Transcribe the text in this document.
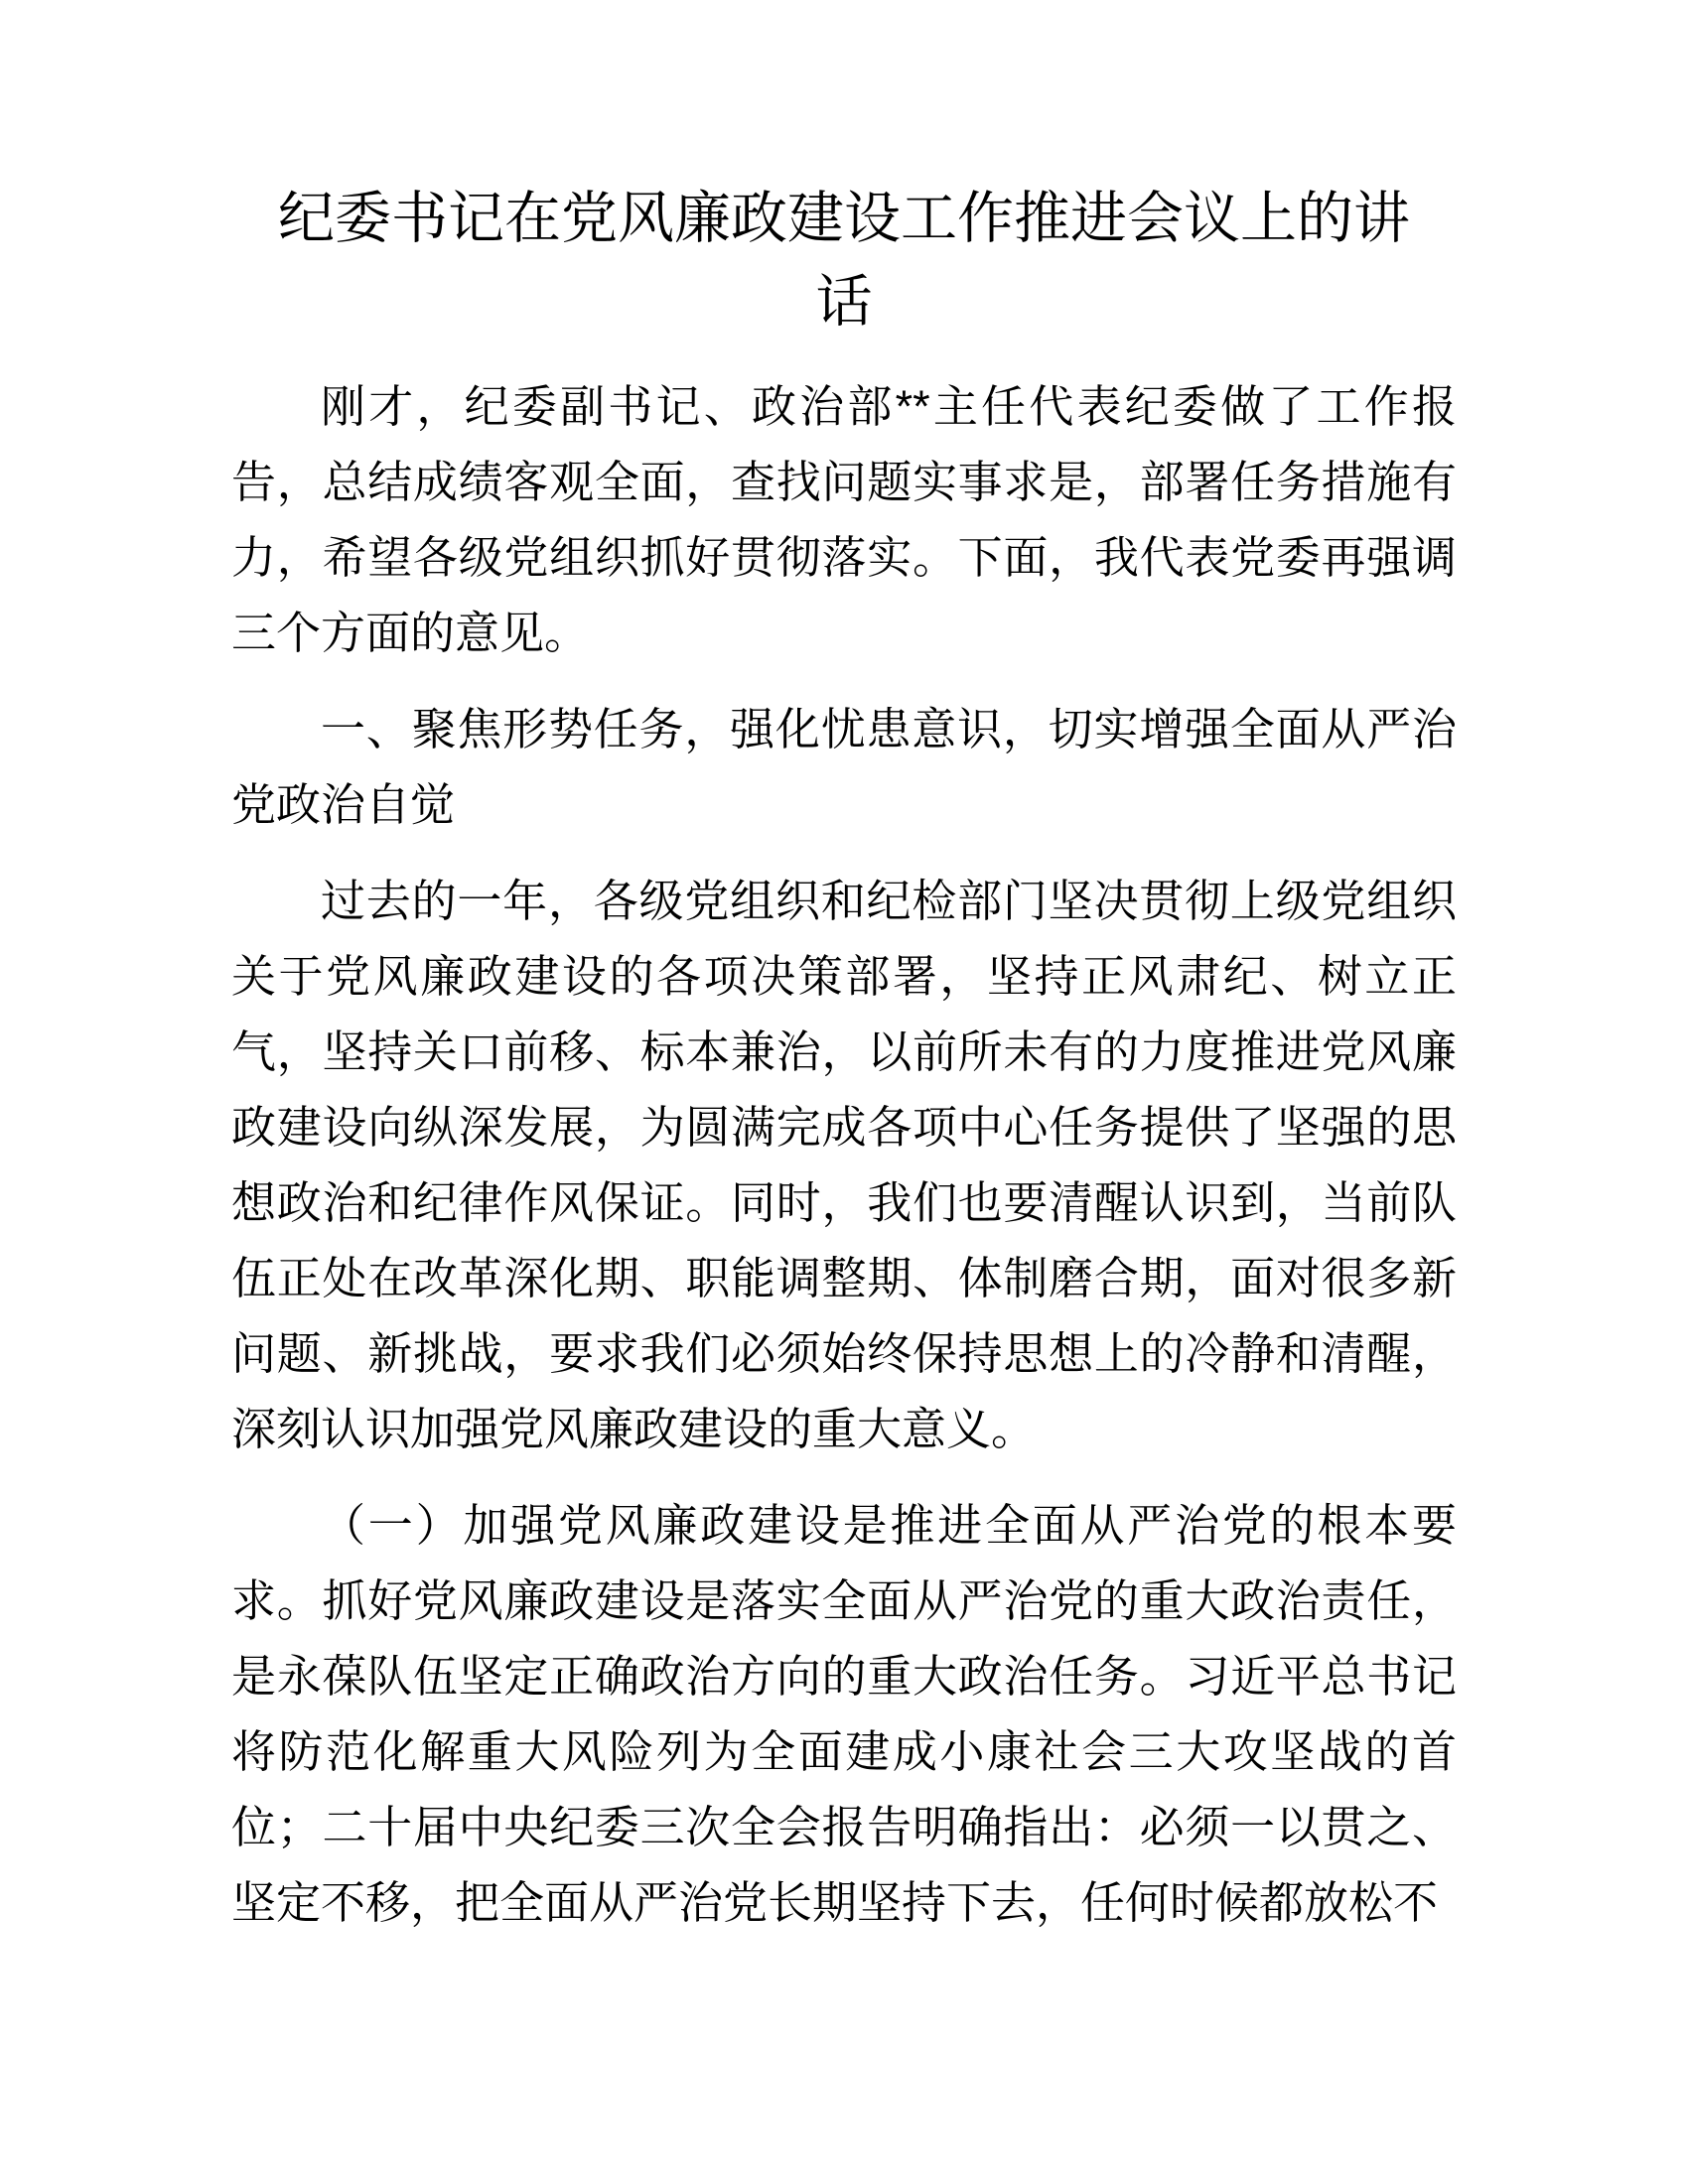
纪委书记在党风廉政建设工作推进会议上的讲
话

刚才，纪委副书记、政治部**主任代表纪委做了工作报告，总结成绩客观全面，查找问题实事求是，部署任务措施有力，希望各级党组织抓好贯彻落实。下面，我代表党委再强调三个方面的意见。

一、聚焦形势任务，强化忧患意识，切实增强全面从严治党政治自觉

过去的一年，各级党组织和纪检部门坚决贯彻上级党组织关于党风廉政建设的各项决策部署，坚持正风肃纪、树立正气，坚持关口前移、标本兼治，以前所未有的力度推进党风廉政建设向纵深发展，为圆满完成各项中心任务提供了坚强的思想政治和纪律作风保证。同时，我们也要清醒认识到，当前队伍正处在改革深化期、职能调整期、体制磨合期，面对很多新问题、新挑战，要求我们必须始终保持思想上的冷静和清醒，深刻认识加强党风廉政建设的重大意义。

（一）加强党风廉政建设是推进全面从严治党的根本要求。抓好党风廉政建设是落实全面从严治党的重大政治责任，是永葆队伍坚定正确政治方向的重大政治任务。习近平总书记将防范化解重大风险列为全面建成小康社会三大攻坚战的首位；二十届中央纪委三次全会报告明确指出：必须一以贯之、坚定不移，把全面从严治党长期坚持下去，任何时候都放松不
